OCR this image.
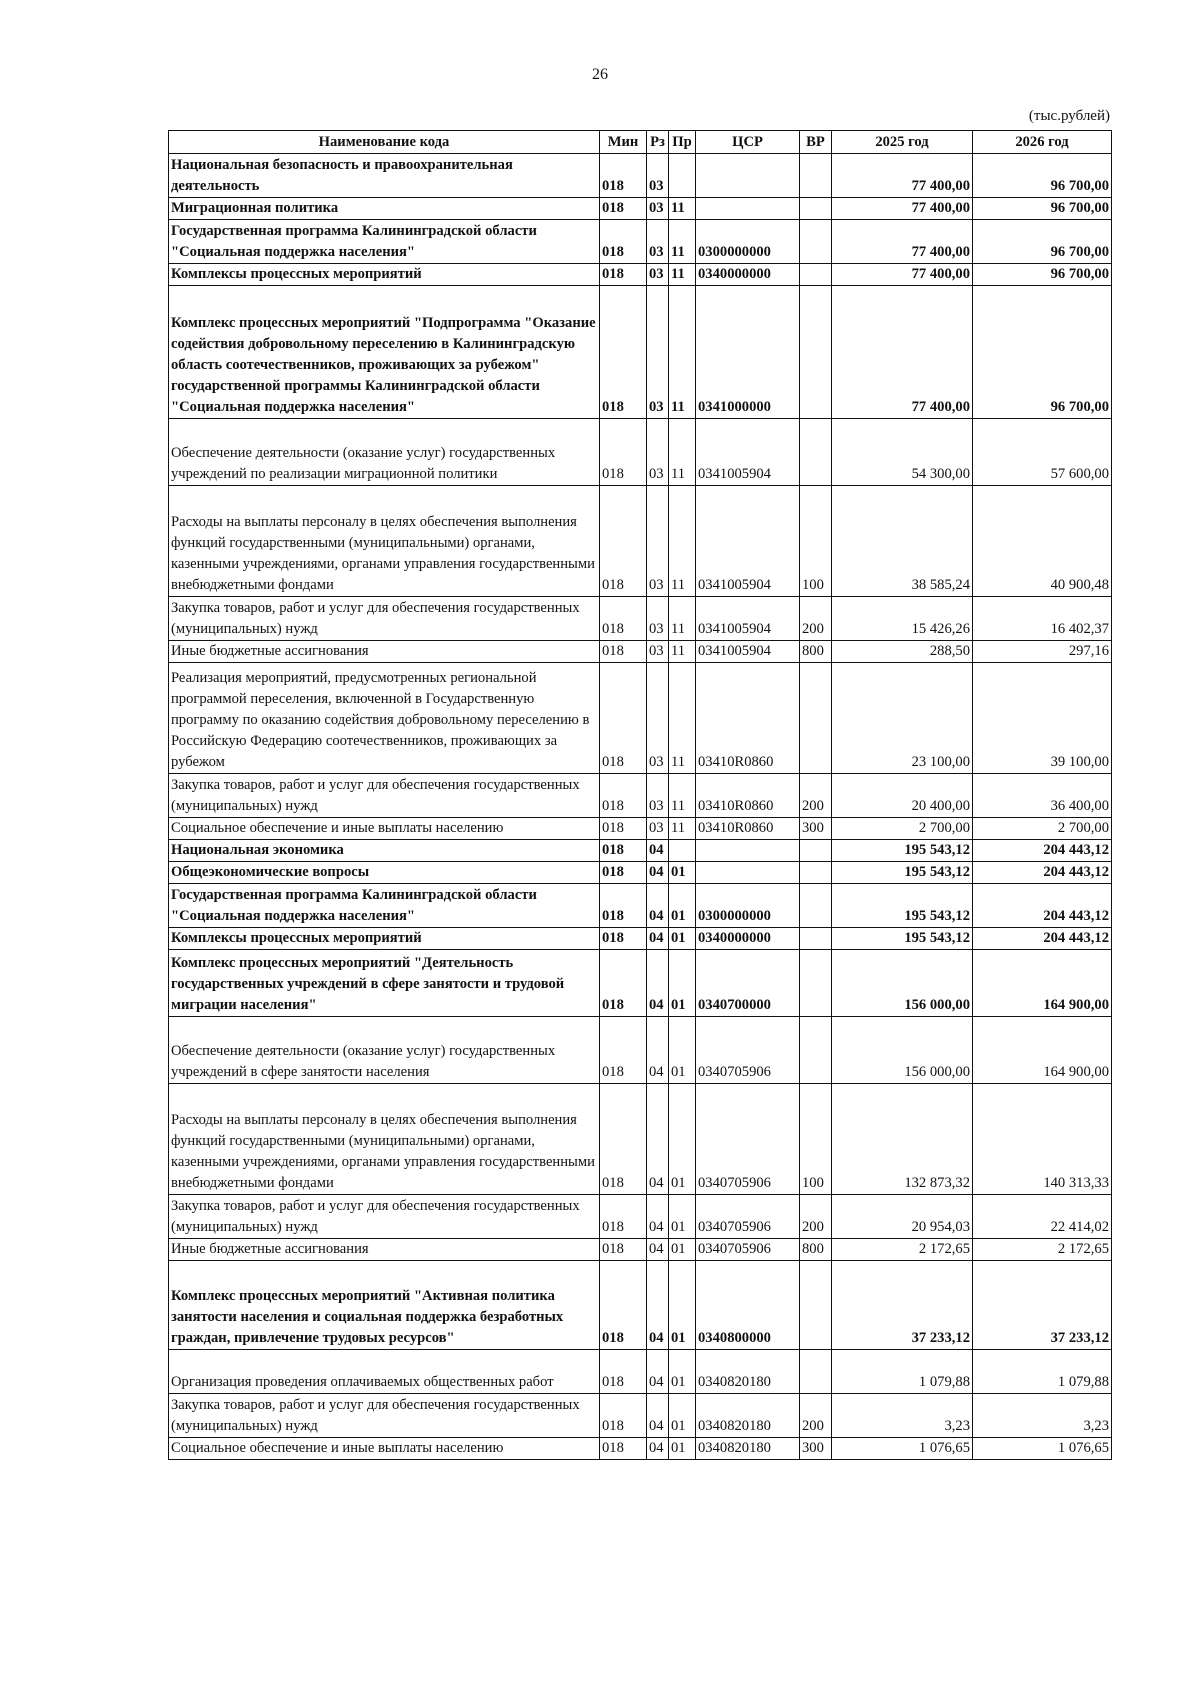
26
(тыс.рублей)
Наименование кода	Мин	Рз	Пр	ЦСР	ВР	2025 год	2026 год
Национальная безопасность и правоохранительная деятельность	018	03				77 400,00	96 700,00
Миграционная политика	018	03	11			77 400,00	96 700,00
Государственная программа Калининградской области "Социальная поддержка населения"	018	03	11	0300000000		77 400,00	96 700,00
Комплексы процессных мероприятий	018	03	11	0340000000		77 400,00	96 700,00
Комплекс процессных мероприятий "Подпрограмма "Оказание содействия добровольному переселению в Калининградскую область соотечественников, проживающих за рубежом" государственной программы Калининградской области "Социальная поддержка населения"	018	03	11	0341000000		77 400,00	96 700,00
Обеспечение деятельности (оказание услуг) государственных учреждений по реализации миграционной политики	018	03	11	0341005904		54 300,00	57 600,00
Расходы на выплаты персоналу в целях обеспечения выполнения функций государственными (муниципальными) органами, казенными учреждениями, органами управления государственными внебюджетными фондами	018	03	11	0341005904	100	38 585,24	40 900,48
Закупка товаров, работ и услуг для обеспечения государственных (муниципальных) нужд	018	03	11	0341005904	200	15 426,26	16 402,37
Иные бюджетные ассигнования	018	03	11	0341005904	800	288,50	297,16
Реализация мероприятий, предусмотренных региональной программой переселения, включенной в Государственную программу по оказанию содействия добровольному переселению в Российскую Федерацию соотечественников, проживающих за рубежом	018	03	11	03410R0860		23 100,00	39 100,00
Закупка товаров, работ и услуг для обеспечения государственных (муниципальных) нужд	018	03	11	03410R0860	200	20 400,00	36 400,00
Социальное обеспечение и иные выплаты населению	018	03	11	03410R0860	300	2 700,00	2 700,00
Национальная экономика	018	04				195 543,12	204 443,12
Общеэкономические вопросы	018	04	01			195 543,12	204 443,12
Государственная программа Калининградской области "Социальная поддержка населения"	018	04	01	0300000000		195 543,12	204 443,12
Комплексы процессных мероприятий	018	04	01	0340000000		195 543,12	204 443,12
Комплекс процессных мероприятий "Деятельность государственных учреждений в сфере занятости и трудовой миграции населения"	018	04	01	0340700000		156 000,00	164 900,00
Обеспечение деятельности (оказание услуг) государственных учреждений в сфере занятости населения	018	04	01	0340705906		156 000,00	164 900,00
Расходы на выплаты персоналу в целях обеспечения выполнения функций государственными (муниципальными) органами, казенными учреждениями, органами управления государственными внебюджетными фондами	018	04	01	0340705906	100	132 873,32	140 313,33
Закупка товаров, работ и услуг для обеспечения государственных (муниципальных) нужд	018	04	01	0340705906	200	20 954,03	22 414,02
Иные бюджетные ассигнования	018	04	01	0340705906	800	2 172,65	2 172,65
Комплекс процессных мероприятий "Активная политика занятости населения и социальная поддержка безработных граждан, привлечение трудовых ресурсов"	018	04	01	0340800000		37 233,12	37 233,12
Организация проведения оплачиваемых общественных работ	018	04	01	0340820180		1 079,88	1 079,88
Закупка товаров, работ и услуг для обеспечения государственных (муниципальных) нужд	018	04	01	0340820180	200	3,23	3,23
Социальное обеспечение и иные выплаты населению	018	04	01	0340820180	300	1 076,65	1 076,65
